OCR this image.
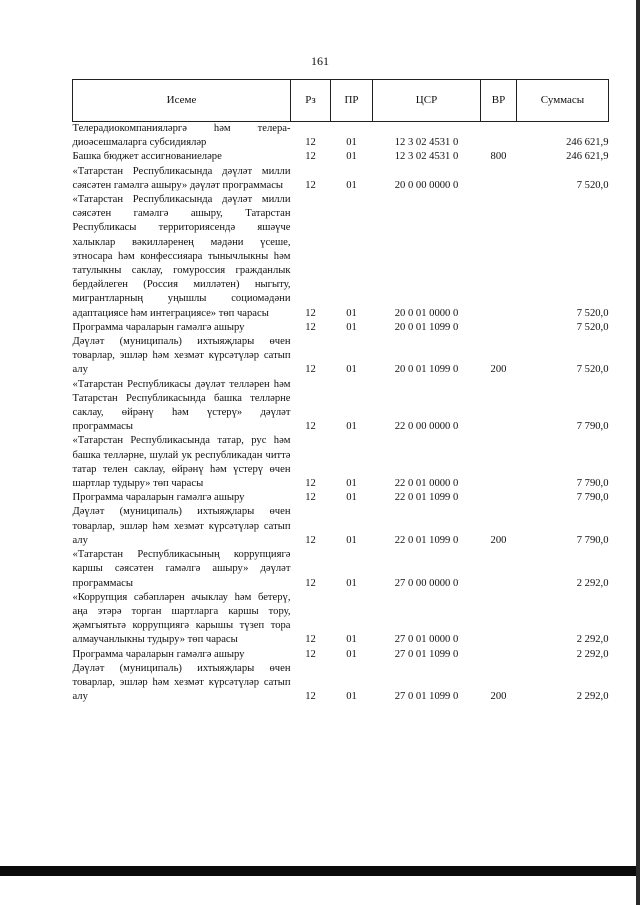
161
Исеме	Рз	ПР	ЦСР	ВР	Суммасы
Телерадиокомпанияләргә һәм телера-диоәсешмаларга субсидияләр	12	01	12 3 02 4531 0		246 621,9
Башка бюджет ассигнованиеләре	12	01	12 3 02 4531 0	800	246 621,9
«Татарстан Республикасында дәүләт милли сәясәтен гамәлгә ашыру» дәүләт программасы	12	01	20 0 00 0000 0		7 520,0
«Татарстан Республикасында дәүләт милли сәясәтен гамәлгә ашыру, Татарстан Республикасы территориясендә яшәүче халыклар вәкилләренең мәдәни үсеше, этносара һәм конфессияара тынычлыкны һәм татулыкны саклау, гомуроссия гражданлык бердәйлеген (Россия милләтен) ныгыту, мигрантларның уңышлы социомәдәни адаптациясе һәм интеграциясе» төп чарасы	12	01	20 0 01 0000 0		7 520,0
Программа чараларын гамәлгә ашыру	12	01	20 0 01 1099 0		7 520,0
Дәүләт (муниципаль) ихтыяҗлары өчен товарлар, эшләр һәм хезмәт күрсәтүләр сатып алу	12	01	20 0 01 1099 0	200	7 520,0
«Татарстан Республикасы дәүләт телләрен һәм Татарстан Республикасында башка телләрне саклау, өйрәнү һәм үстерү» дәүләт программасы	12	01	22 0 00 0000 0		7 790,0
«Татарстан Республикасында татар, рус һәм башка телләрне, шулай ук республикадан читтә татар телен саклау, өйрәнү һәм үстерү өчен шартлар тудыру» төп чарасы	12	01	22 0 01 0000 0		7 790,0
Программа чараларын гамәлгә ашыру	12	01	22 0 01 1099 0		7 790,0
Дәүләт (муниципаль) ихтыяҗлары өчен товарлар, эшләр һәм хезмәт күрсәтүләр сатып алу	12	01	22 0 01 1099 0	200	7 790,0
«Татарстан Республикасының коррупциягә каршы сәясәтен гамәлгә ашыру» дәүләт программасы	12	01	27 0 00 0000 0		2 292,0
«Коррупция сәбәпләрен ачыклау һәм бетерү, аңа этәрә торган шартларга каршы тору, җәмгыятьтә коррупциягә карышы түзеп тора алмаучанлыкны тудыру» төп чарасы	12	01	27 0 01 0000 0		2 292,0
Программа чараларын гамәлгә ашыру	12	01	27 0 01 1099 0		2 292,0
Дәүләт (муниципаль) ихтыяҗлары өчен товарлар, эшләр һәм хезмәт күрсәтүләр сатып алу	12	01	27 0 01 1099 0	200	2 292,0
